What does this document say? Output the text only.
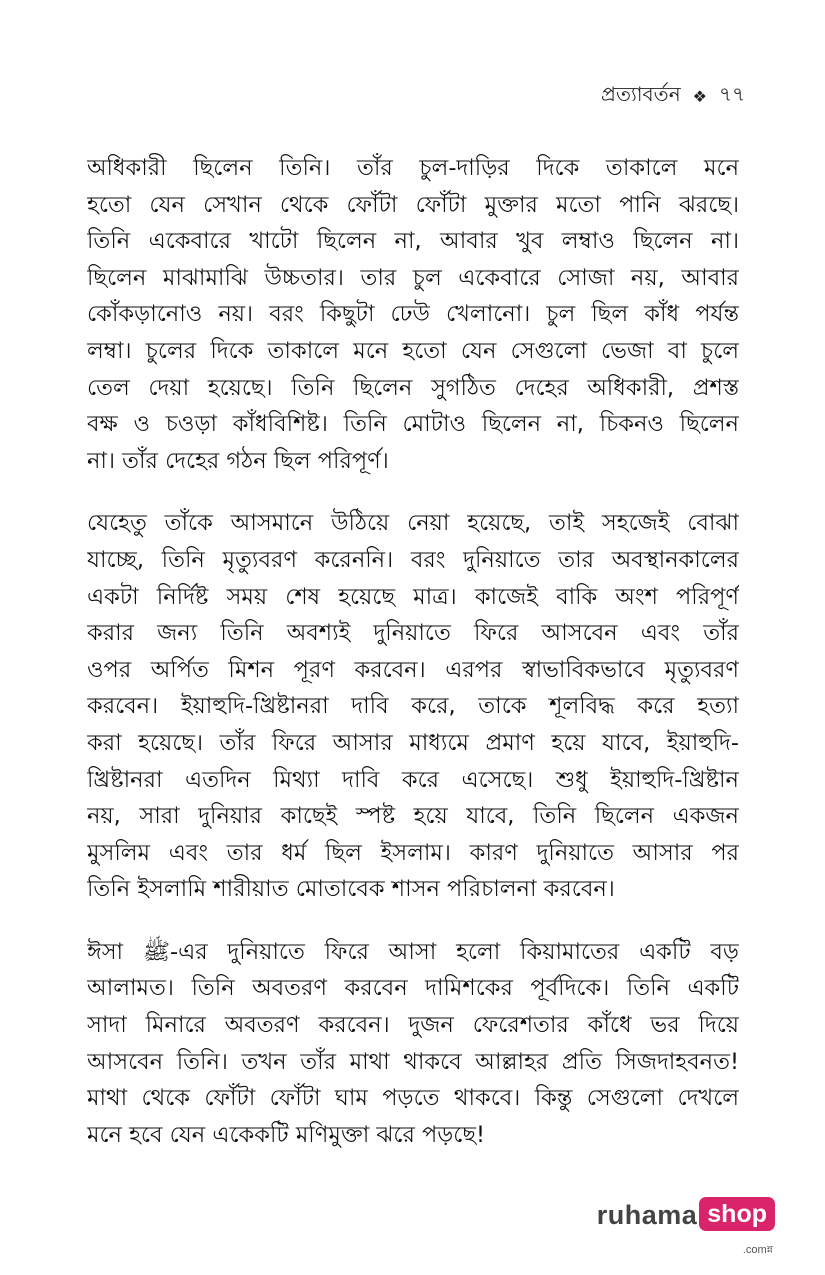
প্রত্যাবর্তন ❖ ৭৭

অধিকারী ছিলেন তিনি। তাঁর চুল-দাড়ির দিকে তাকালে মনে
হতো যেন সেখান থেকে ফোঁটা ফোঁটা মুক্তার মতো পানি ঝরছে।
তিনি একেবারে খাটো ছিলেন না, আবার খুব লম্বাও ছিলেন না।
ছিলেন মাঝামাঝি উচ্চতার। তার চুল একেবারে সোজা নয়, আবার
কোঁকড়ানোও নয়। বরং কিছুটা ঢেউ খেলানো। চুল ছিল কাঁধ পর্যন্ত
লম্বা। চুলের দিকে তাকালে মনে হতো যেন সেগুলো ভেজা বা চুলে
তেল দেয়া হয়েছে। তিনি ছিলেন সুগঠিত দেহের অধিকারী, প্রশস্ত
বক্ষ ও চওড়া কাঁধবিশিষ্ট। তিনি মোটাও ছিলেন না, চিকনও ছিলেন
না। তাঁর দেহের গঠন ছিল পরিপূর্ণ।

যেহেতু তাঁকে আসমানে উঠিয়ে নেয়া হয়েছে, তাই সহজেই বোঝা
যাচ্ছে, তিনি মৃত্যুবরণ করেননি। বরং দুনিয়াতে তার অবস্থানকালের
একটা নির্দিষ্ট সময় শেষ হয়েছে মাত্র। কাজেই বাকি অংশ পরিপূর্ণ
করার জন্য তিনি অবশ্যই দুনিয়াতে ফিরে আসবেন এবং তাঁর
ওপর অর্পিত মিশন পূরণ করবেন। এরপর স্বাভাবিকভাবে মৃত্যুবরণ
করবেন। ইয়াহুদি-খ্রিষ্টানরা দাবি করে, তাকে শূলবিদ্ধ করে হত্যা
করা হয়েছে। তাঁর ফিরে আসার মাধ্যমে প্রমাণ হয়ে যাবে, ইয়াহুদি-
খ্রিষ্টানরা এতদিন মিথ্যা দাবি করে এসেছে। শুধু ইয়াহুদি-খ্রিষ্টান
নয়, সারা দুনিয়ার কাছেই স্পষ্ট হয়ে যাবে, তিনি ছিলেন একজন
মুসলিম এবং তার ধর্ম ছিল ইসলাম। কারণ দুনিয়াতে আসার পর
তিনি ইসলামি শারীয়াত মোতাবেক শাসন পরিচালনা করবেন।

ঈসা ﷺ-এর দুনিয়াতে ফিরে আসা হলো কিয়ামাতের একটি বড়
আলামত। তিনি অবতরণ করবেন দামিশকের পূর্বদিকে। তিনি একটি
সাদা মিনারে অবতরণ করবেন। দুজন ফেরেশতার কাঁধে ভর দিয়ে
আসবেন তিনি। তখন তাঁর মাথা থাকবে আল্লাহর প্রতি সিজদাহবনত!
মাথা থেকে ফোঁটা ফোঁটা ঘাম পড়তে থাকবে। কিন্তু সেগুলো দেখলে
মনে হবে যেন একেকটি মণিমুক্তা ঝরে পড়ছে!

ruhama shop
.comন্ন
